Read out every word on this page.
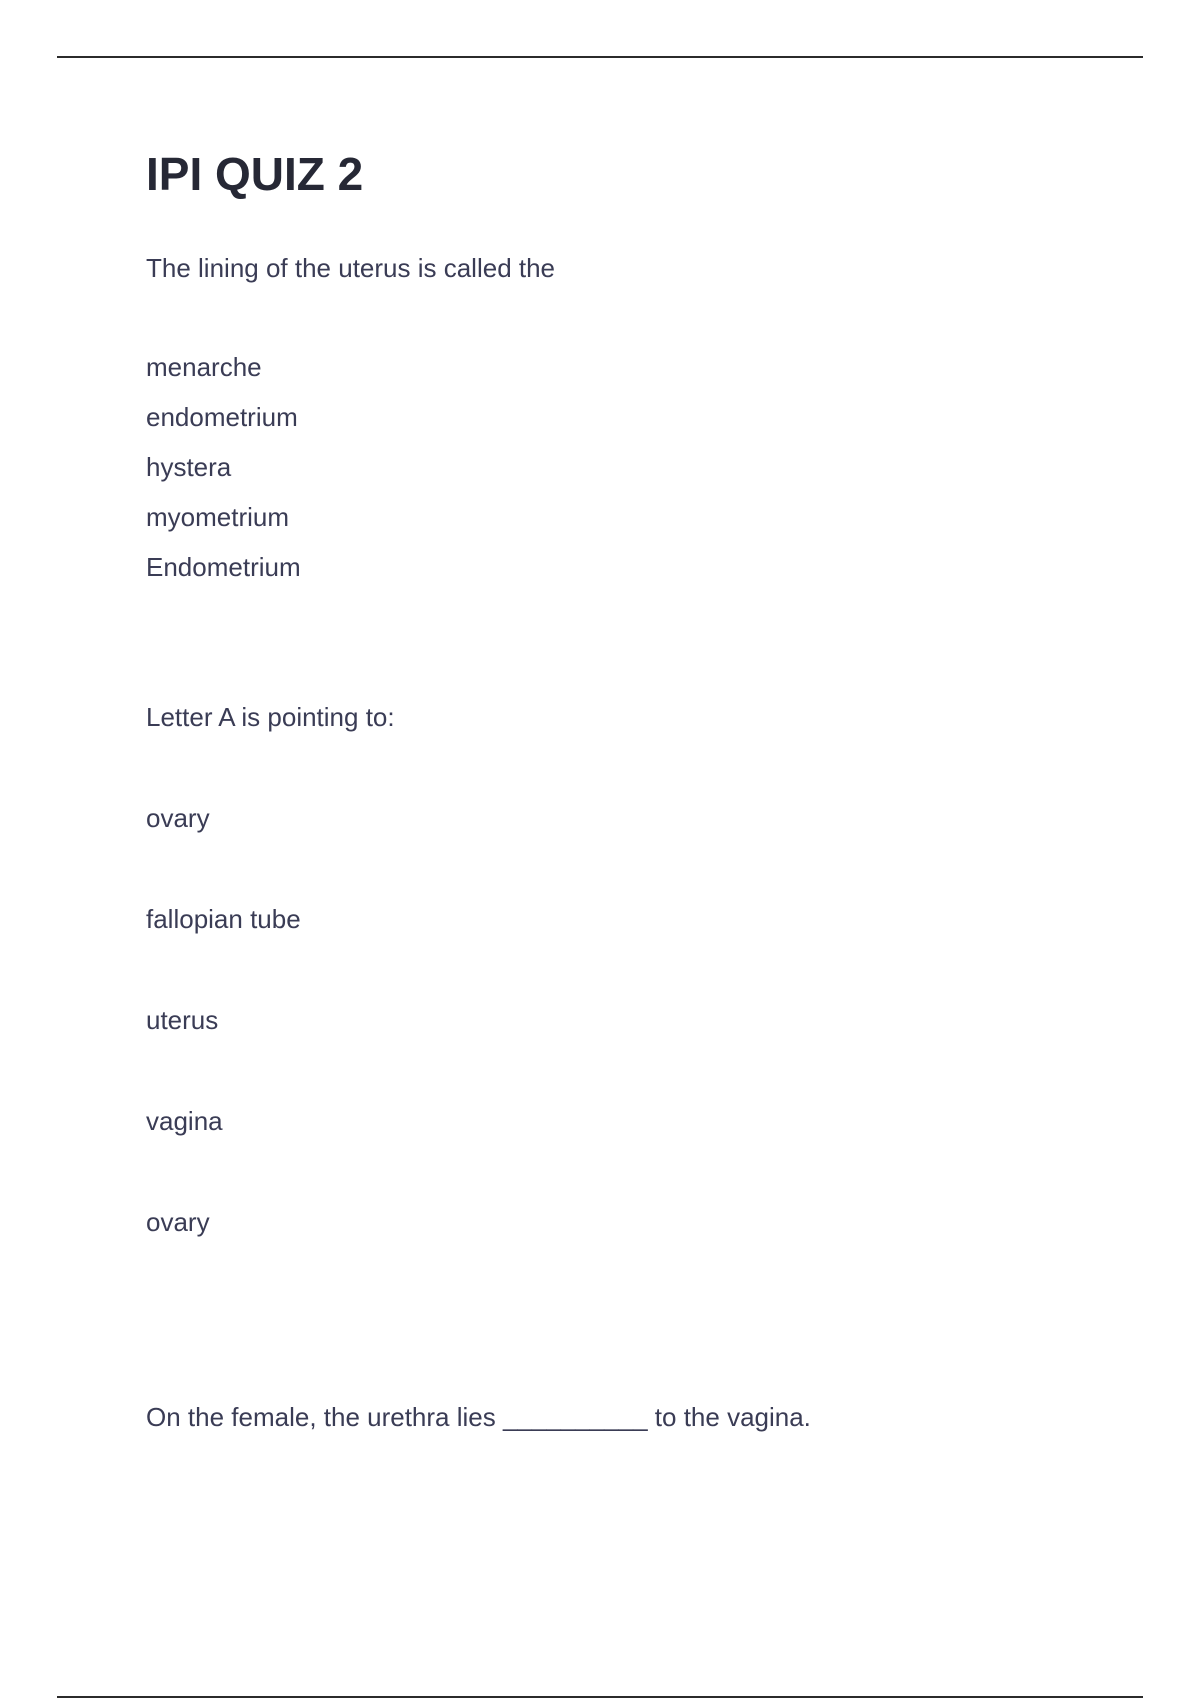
IPI QUIZ 2

The lining of the uterus is called the

menarche
endometrium
hystera
myometrium
Endometrium

Letter A is pointing to:

ovary
fallopian tube
uterus
vagina
ovary

On the female, the urethra lies __________ to the vagina.
